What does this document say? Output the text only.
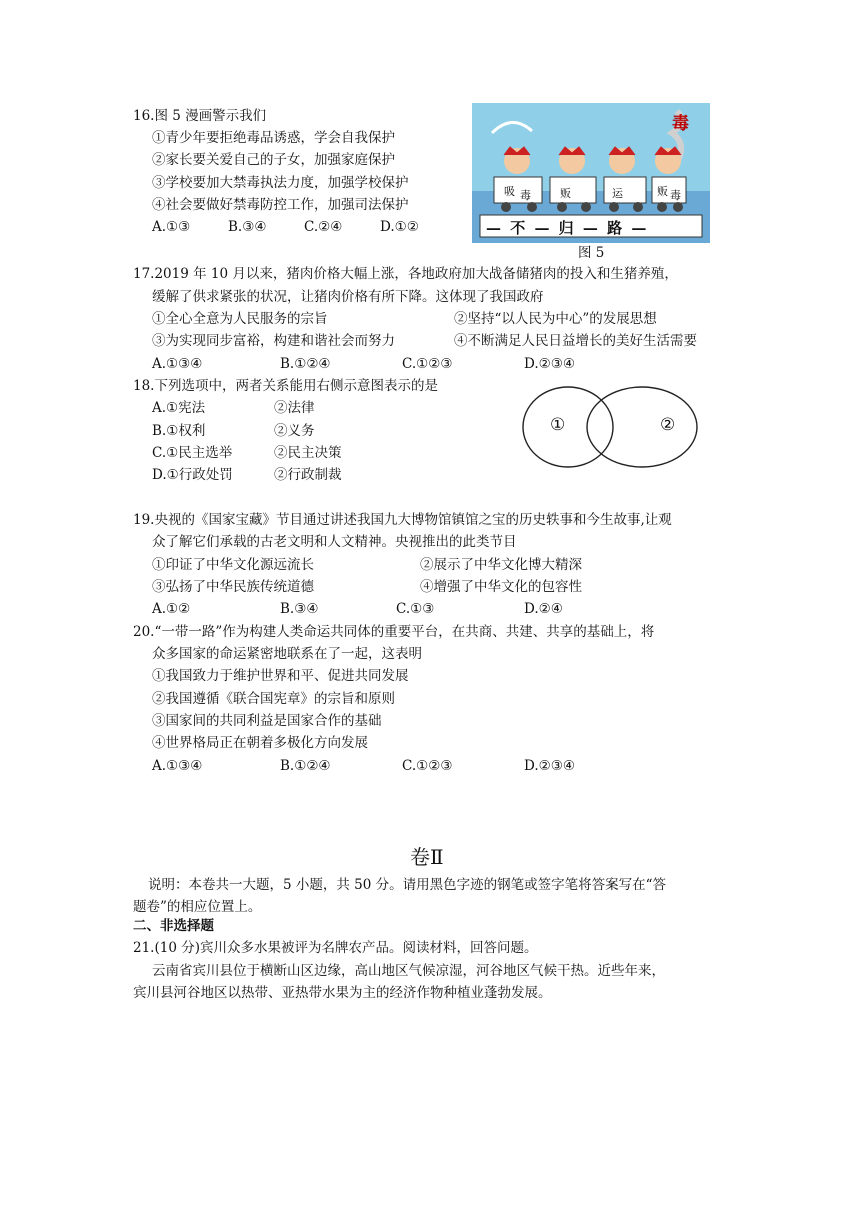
16.图 5 漫画警示我们
①青少年要拒绝毒品诱惑，学会自我保护
②家长要关爱自己的子女，加强家庭保护
③学校要加大禁毒执法力度，加强学校保护
④社会要做好禁毒防控工作，加强司法保护
A.①③	B.③④	C.②④	D.①②
毒
吸 毒	贩	运	贩 毒
— 不 — 归 — 路 —
图 5
17.2019 年 10 月以来，猪肉价格大幅上涨，各地政府加大战备储猪肉的投入和生猪养殖，
缓解了供求紧张的状况，让猪肉价格有所下降。这体现了我国政府
①全心全意为人民服务的宗旨	②坚持“以人民为中心”的发展思想
③为实现同步富裕，构建和谐社会而努力	④不断满足人民日益增长的美好生活需要
A.①③④	B.①②④	C.①②③	D.②③④
18.下列选项中，两者关系能用右侧示意图表示的是
A.①宪法	②法律
B.①权利	②义务
C.①民主选举	②民主决策
D.①行政处罚	②行政制裁
①	②
19.央视的《国家宝藏》节目通过讲述我国九大博物馆镇馆之宝的历史轶事和今生故事,让观
众了解它们承载的古老文明和人文精神。央视推出的此类节目
①印证了中华文化源远流长	②展示了中华文化博大精深
③弘扬了中华民族传统道德	④增强了中华文化的包容性
A.①②	B.③④	C.①③	D.②④
20.“一带一路”作为构建人类命运共同体的重要平台，在共商、共建、共享的基础上，将
众多国家的命运紧密地联系在了一起，这表明
①我国致力于维护世界和平、促进共同发展
②我国遵循《联合国宪章》的宗旨和原则
③国家间的共同利益是国家合作的基础
④世界格局正在朝着多极化方向发展
A.①③④	B.①②④	C.①②③	D.②③④
卷Ⅱ
说明：本卷共一大题，5 小题，共 50 分。请用黑色字迹的钢笔或签字笔将答案写在“答
题卷”的相应位置上。
二、非选择题
21.(10 分)宾川众多水果被评为名牌农产品。阅读材料，回答问题。
云南省宾川县位于横断山区边缘，高山地区气候凉湿，河谷地区气候干热。近些年来，
宾川县河谷地区以热带、亚热带水果为主的经济作物种植业蓬勃发展。
